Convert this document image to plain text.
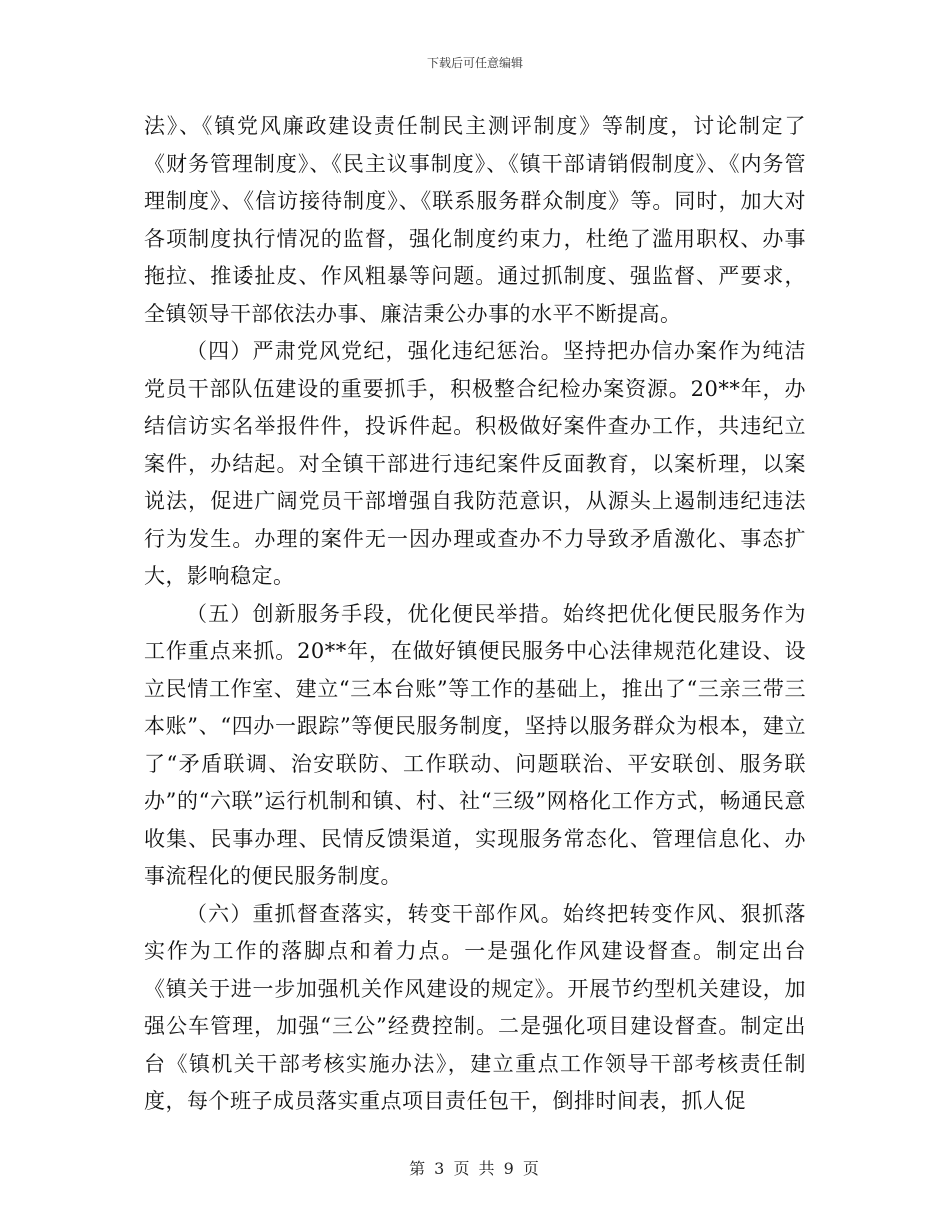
下载后可任意编辑

法》、《镇党风廉政建设责任制民主测评制度》等制度，讨论制定了《财务管理制度》、《民主议事制度》、《镇干部请销假制度》、《内务管理制度》、《信访接待制度》、《联系服务群众制度》等。同时，加大对各项制度执行情况的监督，强化制度约束力，杜绝了滥用职权、办事拖拉、推诿扯皮、作风粗暴等问题。通过抓制度、强监督、严要求，全镇领导干部依法办事、廉洁秉公办事的水平不断提高。

（四）严肃党风党纪，强化违纪惩治。坚持把办信办案作为纯洁党员干部队伍建设的重要抓手，积极整合纪检办案资源。20**年，办结信访实名举报件件，投诉件起。积极做好案件查办工作，共违纪立案件，办结起。对全镇干部进行违纪案件反面教育，以案析理，以案说法，促进广阔党员干部增强自我防范意识，从源头上遏制违纪违法行为发生。办理的案件无一因办理或查办不力导致矛盾激化、事态扩大，影响稳定。

（五）创新服务手段，优化便民举措。始终把优化便民服务作为工作重点来抓。20**年，在做好镇便民服务中心法律规范化建设、设立民情工作室、建立“三本台账”等工作的基础上，推出了“三亲三带三本账”、“四办一跟踪”等便民服务制度，坚持以服务群众为根本，建立了“矛盾联调、治安联防、工作联动、问题联治、平安联创、服务联办”的“六联”运行机制和镇、村、社“三级”网格化工作方式，畅通民意收集、民事办理、民情反馈渠道，实现服务常态化、管理信息化、办事流程化的便民服务制度。

（六）重抓督查落实，转变干部作风。始终把转变作风、狠抓落实作为工作的落脚点和着力点。一是强化作风建设督查。制定出台《镇关于进一步加强机关作风建设的规定》。开展节约型机关建设，加强公车管理，加强“三公”经费控制。二是强化项目建设督查。制定出台《镇机关干部考核实施办法》，建立重点工作领导干部考核责任制度，每个班子成员落实重点项目责任包干，倒排时间表，抓人促

第 3 页 共 9 页
